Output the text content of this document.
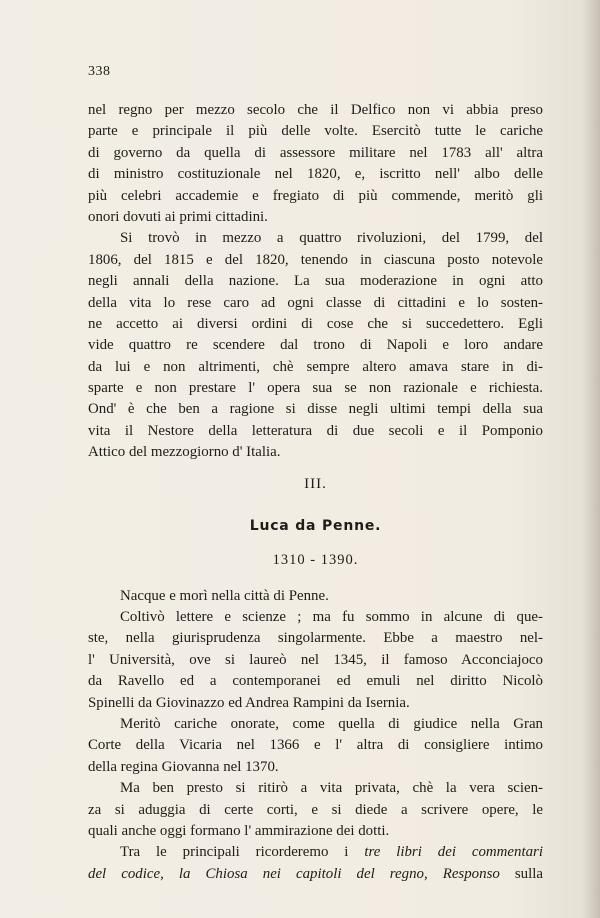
338
nel regno per mezzo secolo che il Delfico non vi abbia preso
parte e principale il più delle volte. Esercitò tutte le cariche
di governo da quella di assessore militare nel 1783 all' altra
di ministro costituzionale nel 1820, e, iscritto nell' albo delle
più celebri accademie e fregiato di più commende, meritò gli
onori dovuti ai primi cittadini.
Si trovò in mezzo a quattro rivoluzioni, del 1799, del
1806, del 1815 e del 1820, tenendo in ciascuna posto notevole
negli annali della nazione. La sua moderazione in ogni atto
della vita lo rese caro ad ogni classe di cittadini e lo sosten-
ne accetto ai diversi ordini di cose che si succedettero. Egli
vide quattro re scendere dal trono di Napoli e loro andare
da lui e non altrimenti, chè sempre altero amava stare in di-
sparte e non prestare l' opera sua se non razionale e richiesta.
Ond' è che ben a ragione si disse negli ultimi tempi della sua
vita il Nestore della letteratura di due secoli e il Pomponio
Attico del mezzogiorno d' Italia.
III.
Luca da Penne.
1310 - 1390.
Nacque e morì nella città di Penne.
Coltivò lettere e scienze ; ma fu sommo in alcune di que-
ste, nella giurisprudenza singolarmente. Ebbe a maestro nel-
l' Università, ove si laureò nel 1345, il famoso Acconciajoco
da Ravello ed a contemporanei ed emuli nel diritto Nicolò
Spinelli da Giovinazzo ed Andrea Rampini da Isernia.
Meritò cariche onorate, come quella di giudice nella Gran
Corte della Vicaria nel 1366 e l' altra di consigliere intimo
della regina Giovanna nel 1370.
Ma ben presto si ritirò a vita privata, chè la vera scien-
za si aduggia di certe corti, e si diede a scrivere opere, le
quali anche oggi formano l' ammirazione dei dotti.
Tra le principali ricorderemo i tre libri dei commentari
del codice, la Chiosa nei capitoli del regno, Responso sulla
